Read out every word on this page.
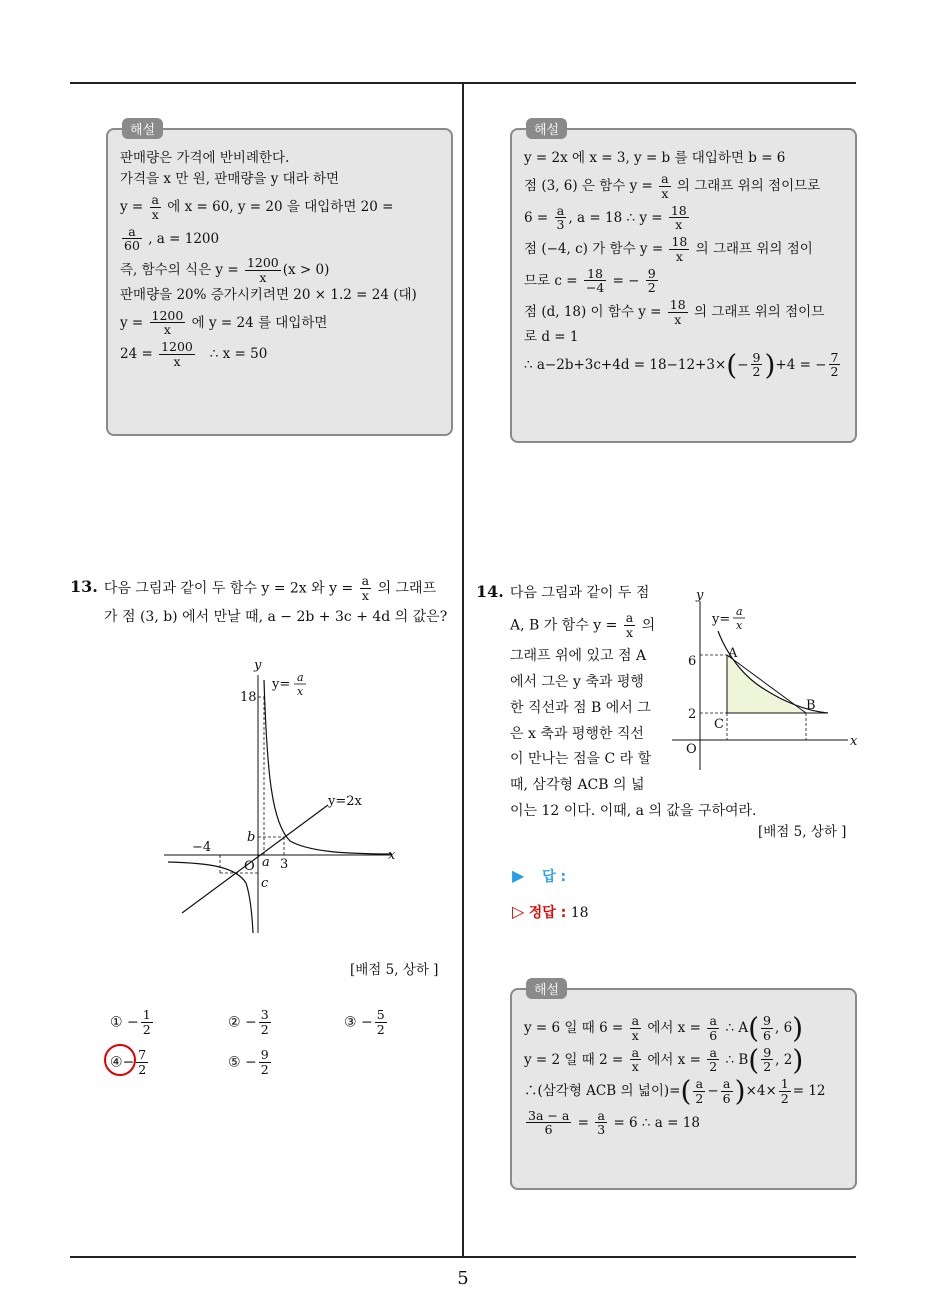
5
해설
판매량은 가격에 반비례한다.
가격을 x 만 원, 판매량을 y 대라 하면
$y = \frac{a}{x}$ 에 x = 60, y = 20 을 대입하면 20 =
$\frac{a}{60}$ , a = 1200
즉, 함수의 식은 $y = \frac{1200}{x} (x > 0)$
판매량을 20% 증가시키려면 20 × 1.2 = 24 (대)
$y = \frac{1200}{x}$ 에 y = 24 를 대입하면
$24 = \frac{1200}{x}$ ∴ x = 50
해설
y = 2x 에 x = 3, y = b 를 대입하면 b = 6
점 (3, 6) 은 함수 $y = \frac{a}{x}$ 의 그래프 위의 점이므로
$6 = \frac{a}{3}$ , a = 18 ∴ $y = \frac{18}{x}$
점 (−4, c) 가 함수 $y = \frac{18}{x}$ 의 그래프 위의 점이
므로 $c = \frac{18}{-4}$ = − $\frac{9}{2}$
점 (d, 18) 이 함수 $y = \frac{18}{x}$ 의 그래프 위의 점이므
로 d = 1
∴ $a-2b+3c+4d = 18-12+3\times(- \frac{9}{2} )+4$ = − $\frac{7}{2}$
13. 다음 그림과 같이 두 함수 y = 2x 와 $y = \frac{a}{x}$ 의 그래프
가 점 (3, b) 에서 만날 때, a − 2b + 3c + 4d 의 값은?
y
x
y= a
x
y=2x
18
−4
b
O a 3
c
[배점 5, 상하 ]
① − $\frac{1}{2}$	② − $\frac{3}{2}$	③ − $\frac{5}{2}$
④− $\frac{7}{2}$	⑤ − $\frac{9}{2}$
14. 다음 그림과 같이 두 점
A, B 가 함수 $y = \frac{a}{x}$ 의
그래프 위에 있고 점 A
에서 그은 y 축과 평행
한 직선과 점 B 에서 그
은 x 축과 평행한 직선
이 만나는 점을 C 라 할
때, 삼각형 ACB 의 넓
이는 12 이다. 이때, a 의 값을 구하여라.
y
x
y=
a
x
6
2
A
B
C
O
[배점 5, 상하 ]
▶ 답 :
▷ 정답 : 18
해설
y = 6 일 때 $6 = \frac{a}{x}$ 에서 $x = \frac{a}{6}$ ∴ $A( \frac{9}{6}$ , 6)
y = 2 일 때 $2 = \frac{a}{x}$ 에서 $x = \frac{a}{2}$ ∴ $B( \frac{9}{2}$ , 2)
∴(삼각형 ACB 의 넓이)=( $\frac{a}{2} - \frac{a}{6} )\times 4\times \frac{1}{2} = 12$
$\frac{3a - a}{6} = \frac{a}{3} = 6$ ∴ a = 18
